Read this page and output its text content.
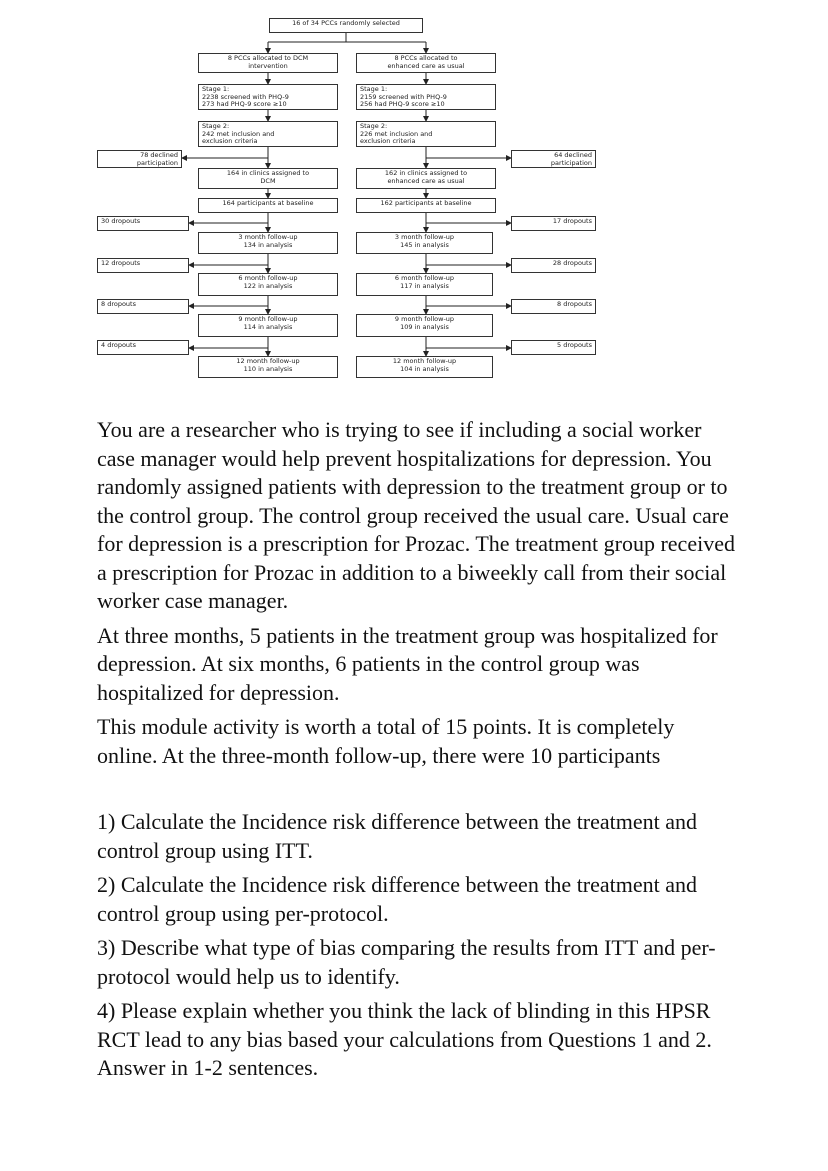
16 of 34 PCCs randomly selected
8 PCCs allocated to DCM
intervention
8 PCCs allocated to
enhanced care as usual
Stage 1:
2238 screened with PHQ-9
273 had PHQ-9 score ≥10
Stage 1:
2159 screened with PHQ-9
256 had PHQ-9 score ≥10
Stage 2:
242 met inclusion and
exclusion criteria
Stage 2:
226 met inclusion and
exclusion criteria
78 declined
participation
64 declined
participation
164 in clinics assigned to
DCM
162 in clinics assigned to
enhanced care as usual
164 participants at baseline	162 participants at baseline
30 dropouts	17 dropouts
3 month follow-up
134 in analysis
3 month follow-up
145 in analysis
12 dropouts	28 dropouts
6 month follow-up
122 in analysis
6 month follow-up
117 in analysis
8 dropouts	8 dropouts
9 month follow-up
114 in analysis
9 month follow-up
109 in analysis
4 dropouts	5 dropouts
12 month follow-up
110 in analysis
12 month follow-up
104 in analysis

You are a researcher who is trying to see if including a social worker case manager would help prevent hospitalizations for depression. You randomly assigned patients with depression to the treatment group or to the control group. The control group received the usual care. Usual care for depression is a prescription for Prozac. The treatment group received a prescription for Prozac in addition to a biweekly call from their social worker case manager.

At three months, 5 patients in the treatment group was hospitalized for depression. At six months, 6 patients in the control group was hospitalized for depression.

This module activity is worth a total of 15 points. It is completely online. At the three-month follow-up, there were 10 participants

1) Calculate the Incidence risk difference between the treatment and control group using ITT.

2) Calculate the Incidence risk difference between the treatment and control group using per-protocol.

3) Describe what type of bias comparing the results from ITT and per-protocol would help us to identify.

4) Please explain whether you think the lack of blinding in this HPSR RCT lead to any bias based your calculations from Questions 1 and 2. Answer in 1-2 sentences.
